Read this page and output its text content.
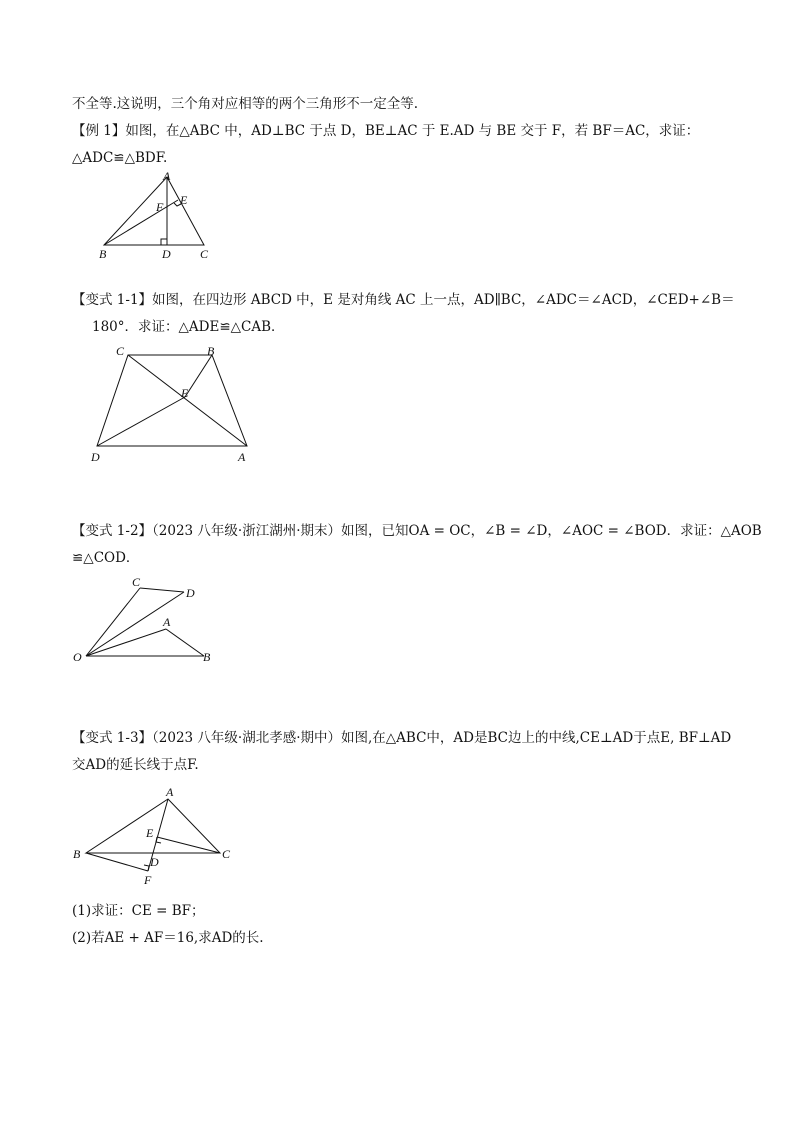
不全等.这说明，三个角对应相等的两个三角形不一定全等.
【例 1】如图，在△ABC 中，AD⊥BC 于点 D，BE⊥AC 于 E.AD 与 BE 交于 F，若 BF＝AC，求证：
△ADC≌△BDF.
A
E
F
B	D C
【变式 1-1】如图，在四边形 ABCD 中，E 是对角线 AC 上一点，AD∥BC，∠ADC＝∠ACD，∠CED+∠B＝
180°．求证：△ADE≌△CAB．
C	B
E
D	A
【变式 1-2】（2023 八年级·浙江湖州·期末）如图，已知OA = OC，∠B = ∠D，∠AOC = ∠BOD．求证：△AOB
≌△COD．
C
D
A
O	B
【变式 1-3】（2023 八年级·湖北孝感·期中）如图,在△ABC中，AD是BC边上的中线,CE⊥AD于点E, BF⊥AD
交AD的延长线于点F.
A
E
B
D
C
F
(1)求证：CE = BF；
(2)若AE + AF＝16,求AD的长.
